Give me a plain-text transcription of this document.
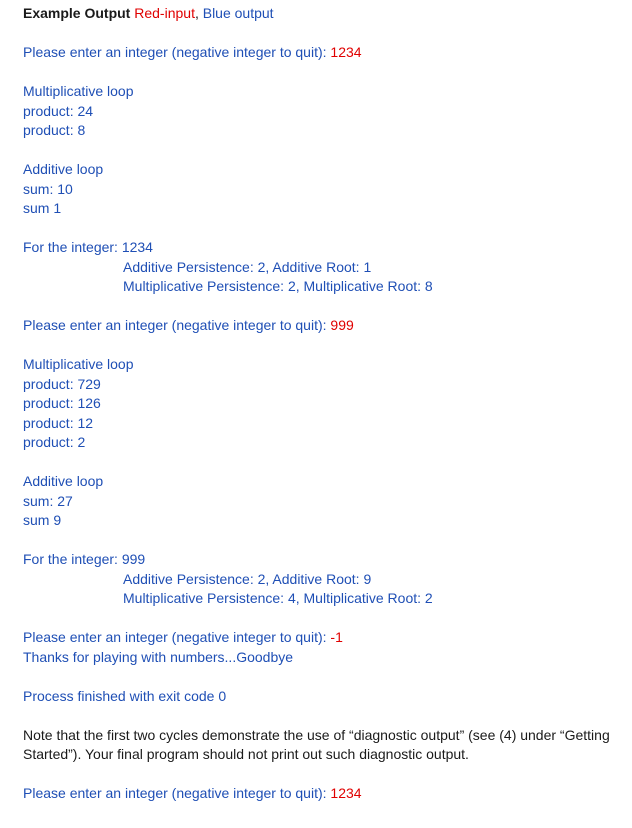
Example Output Red-input, Blue output
Please enter an integer (negative integer to quit): 1234
Multiplicative loop
product: 24
product: 8
Additive loop
sum: 10
sum 1
For the integer: 1234
Additive Persistence: 2, Additive Root: 1
Multiplicative Persistence: 2, Multiplicative Root: 8
Please enter an integer (negative integer to quit): 999
Multiplicative loop
product: 729
product: 126
product: 12
product: 2
Additive loop
sum: 27
sum 9
For the integer: 999
Additive Persistence: 2, Additive Root: 9
Multiplicative Persistence: 4, Multiplicative Root: 2
Please enter an integer (negative integer to quit): -1
Thanks for playing with numbers...Goodbye
Process finished with exit code 0
Note that the first two cycles demonstrate the use of “diagnostic output” (see (4) under “Getting Started”). Your final program should not print out such diagnostic output.
Please enter an integer (negative integer to quit): 1234
